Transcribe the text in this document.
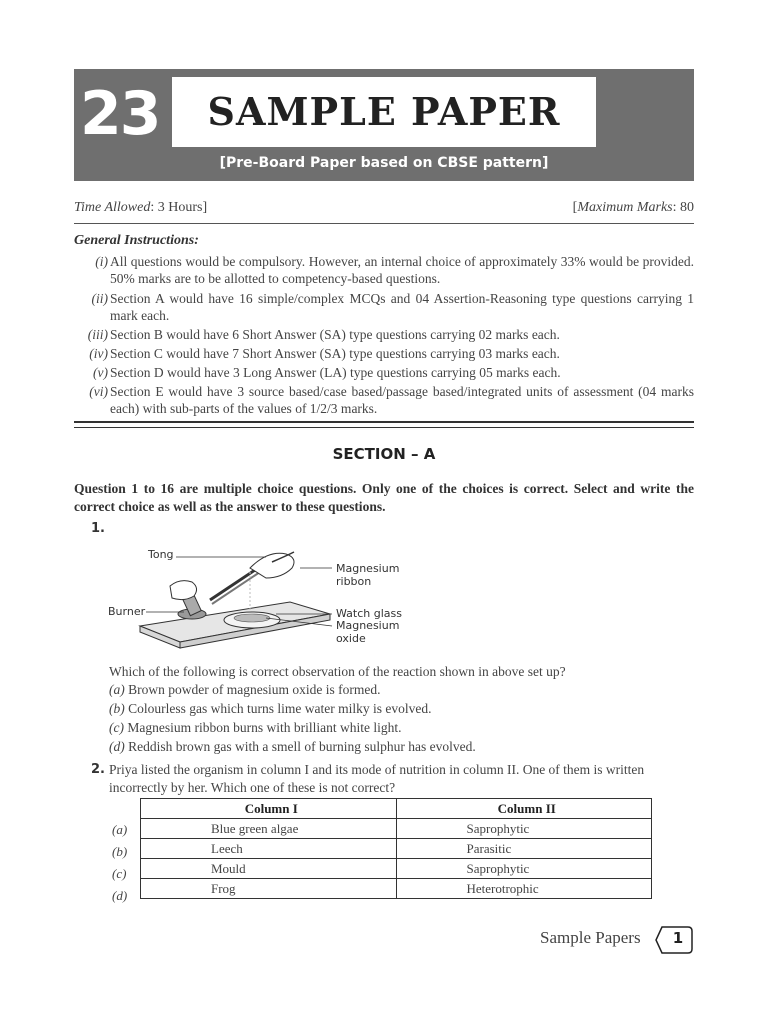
23	SAMPLE PAPER
[Pre-Board Paper based on CBSE pattern]
Time Allowed: 3 Hours]	[Maximum Marks: 80
General Instructions:
(i) All questions would be compulsory. However, an internal choice of approximately 33% would be provided. 50% marks are to be allotted to competency-based questions.
(ii) Section A would have 16 simple/complex MCQs and 04 Assertion-Reasoning type questions carrying 1 mark each.
(iii) Section B would have 6 Short Answer (SA) type questions carrying 02 marks each.
(iv) Section C would have 7 Short Answer (SA) type questions carrying 03 marks each.
(v) Section D would have 3 Long Answer (LA) type questions carrying 05 marks each.
(vi) Section E would have 3 source based/case based/passage based/integrated units of assessment (04 marks each) with sub-parts of the values of 1/2/3 marks.
SECTION – A
Question 1 to 16 are multiple choice questions. Only one of the choices is correct. Select and write the correct choice as well as the answer to these questions.
1.
Tong
Magnesium
ribbon
Burner	Watch glass
Magnesium
oxide
Which of the following is correct observation of the reaction shown in above set up?
(a) Brown powder of magnesium oxide is formed.
(b) Colourless gas which turns lime water milky is evolved.
(c) Magnesium ribbon burns with brilliant white light.
(d) Reddish brown gas with a smell of burning sulphur has evolved.
2. Priya listed the organism in column I and its mode of nutrition in column II. One of them is written
incorrectly by her. Which one of these is not correct?
(a)
(b)
(c)
(d)
Column I	Column II
Blue green algae	Saprophytic
Leech	Parasitic
Mould	Saprophytic
Frog	Heterotrophic
Sample Papers	1
